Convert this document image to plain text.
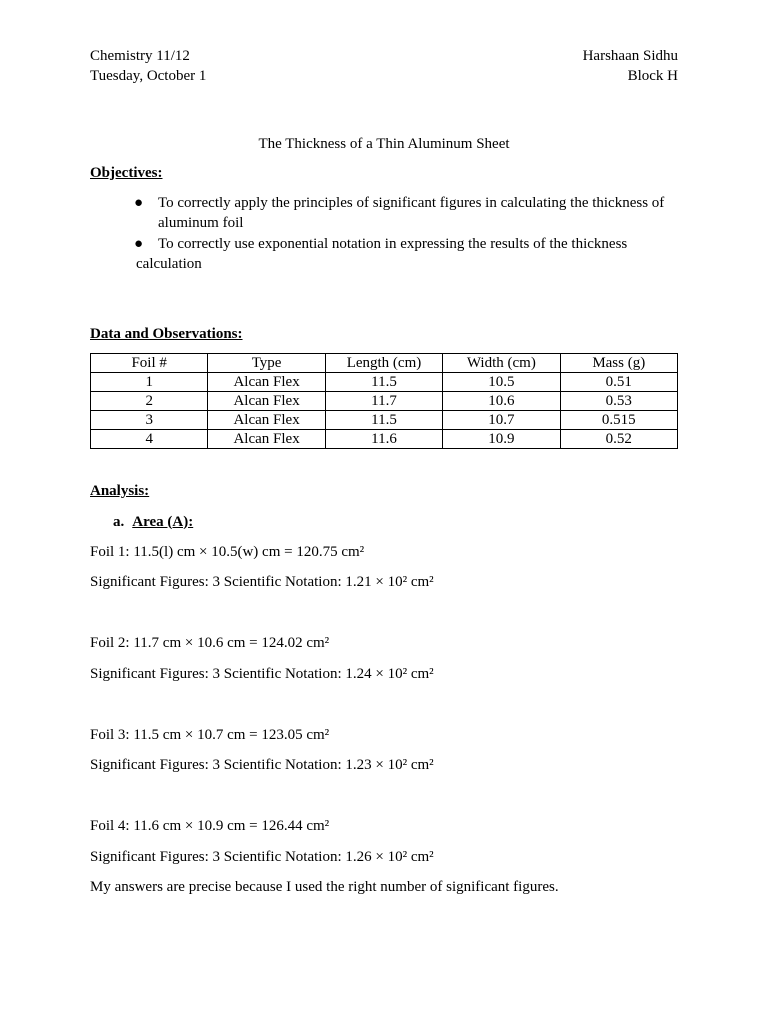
Chemistry 11/12
Tuesday, October 1
Harshaan Sidhu
Block H
The Thickness of a Thin Aluminum Sheet
Objectives:
● To correctly apply the principles of significant figures in calculating the thickness of aluminum foil
● To correctly use exponential notation in expressing the results of the thickness calculation
Data and Observations:
Foil #	Type	Length (cm)	Width (cm)	Mass (g)
1	Alcan Flex	11.5	10.5	0.51
2	Alcan Flex	11.7	10.6	0.53
3	Alcan Flex	11.5	10.7	0.515
4	Alcan Flex	11.6	10.9	0.52
Analysis:
a. Area (A):
Foil 1: 11.5(l) cm × 10.5(w) cm = 120.75 cm²
Significant Figures: 3 Scientific Notation: 1.21 × 10² cm²
Foil 2: 11.7 cm × 10.6 cm = 124.02 cm²
Significant Figures: 3 Scientific Notation: 1.24 × 10² cm²
Foil 3: 11.5 cm × 10.7 cm = 123.05 cm²
Significant Figures: 3 Scientific Notation: 1.23 × 10² cm²
Foil 4: 11.6 cm × 10.9 cm = 126.44 cm²
Significant Figures: 3 Scientific Notation: 1.26 × 10² cm²
My answers are precise because I used the right number of significant figures.
